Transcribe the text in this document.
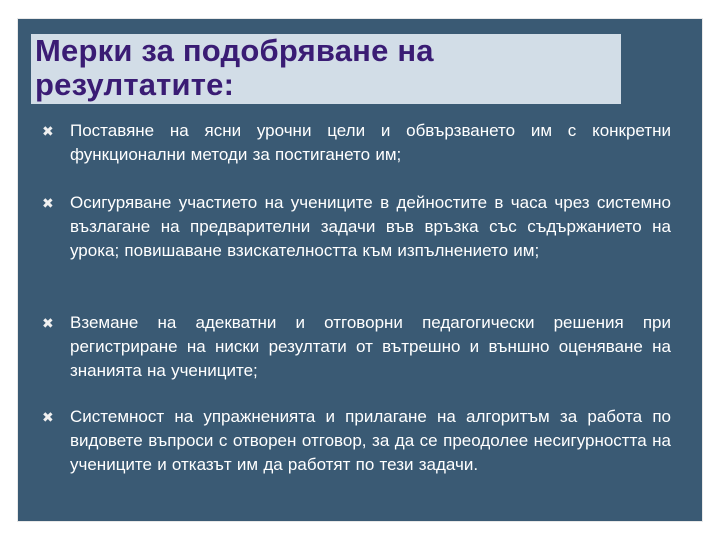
Мерки за подобряване на резултатите:
✖ Поставяне на ясни урочни цели и обвързването им с конкретни функционални методи за постигането им;

✖ Осигуряване участието на учениците в дейностите в часа чрез системно възлагане на предварителни задачи във връзка със съдържанието на урока; повишаване взискателността към изпълнението им;

✖ Вземане на адекватни и отговорни педагогически решения при регистриране на ниски резултати от вътрешно и външно оценяване на знанията на учениците;

✖ Системност на упражненията и прилагане на алгоритъм за работа по видовете въпроси с отворен отговор, за да се преодолее несигурността на учениците и отказът им да работят по тези задачи.
